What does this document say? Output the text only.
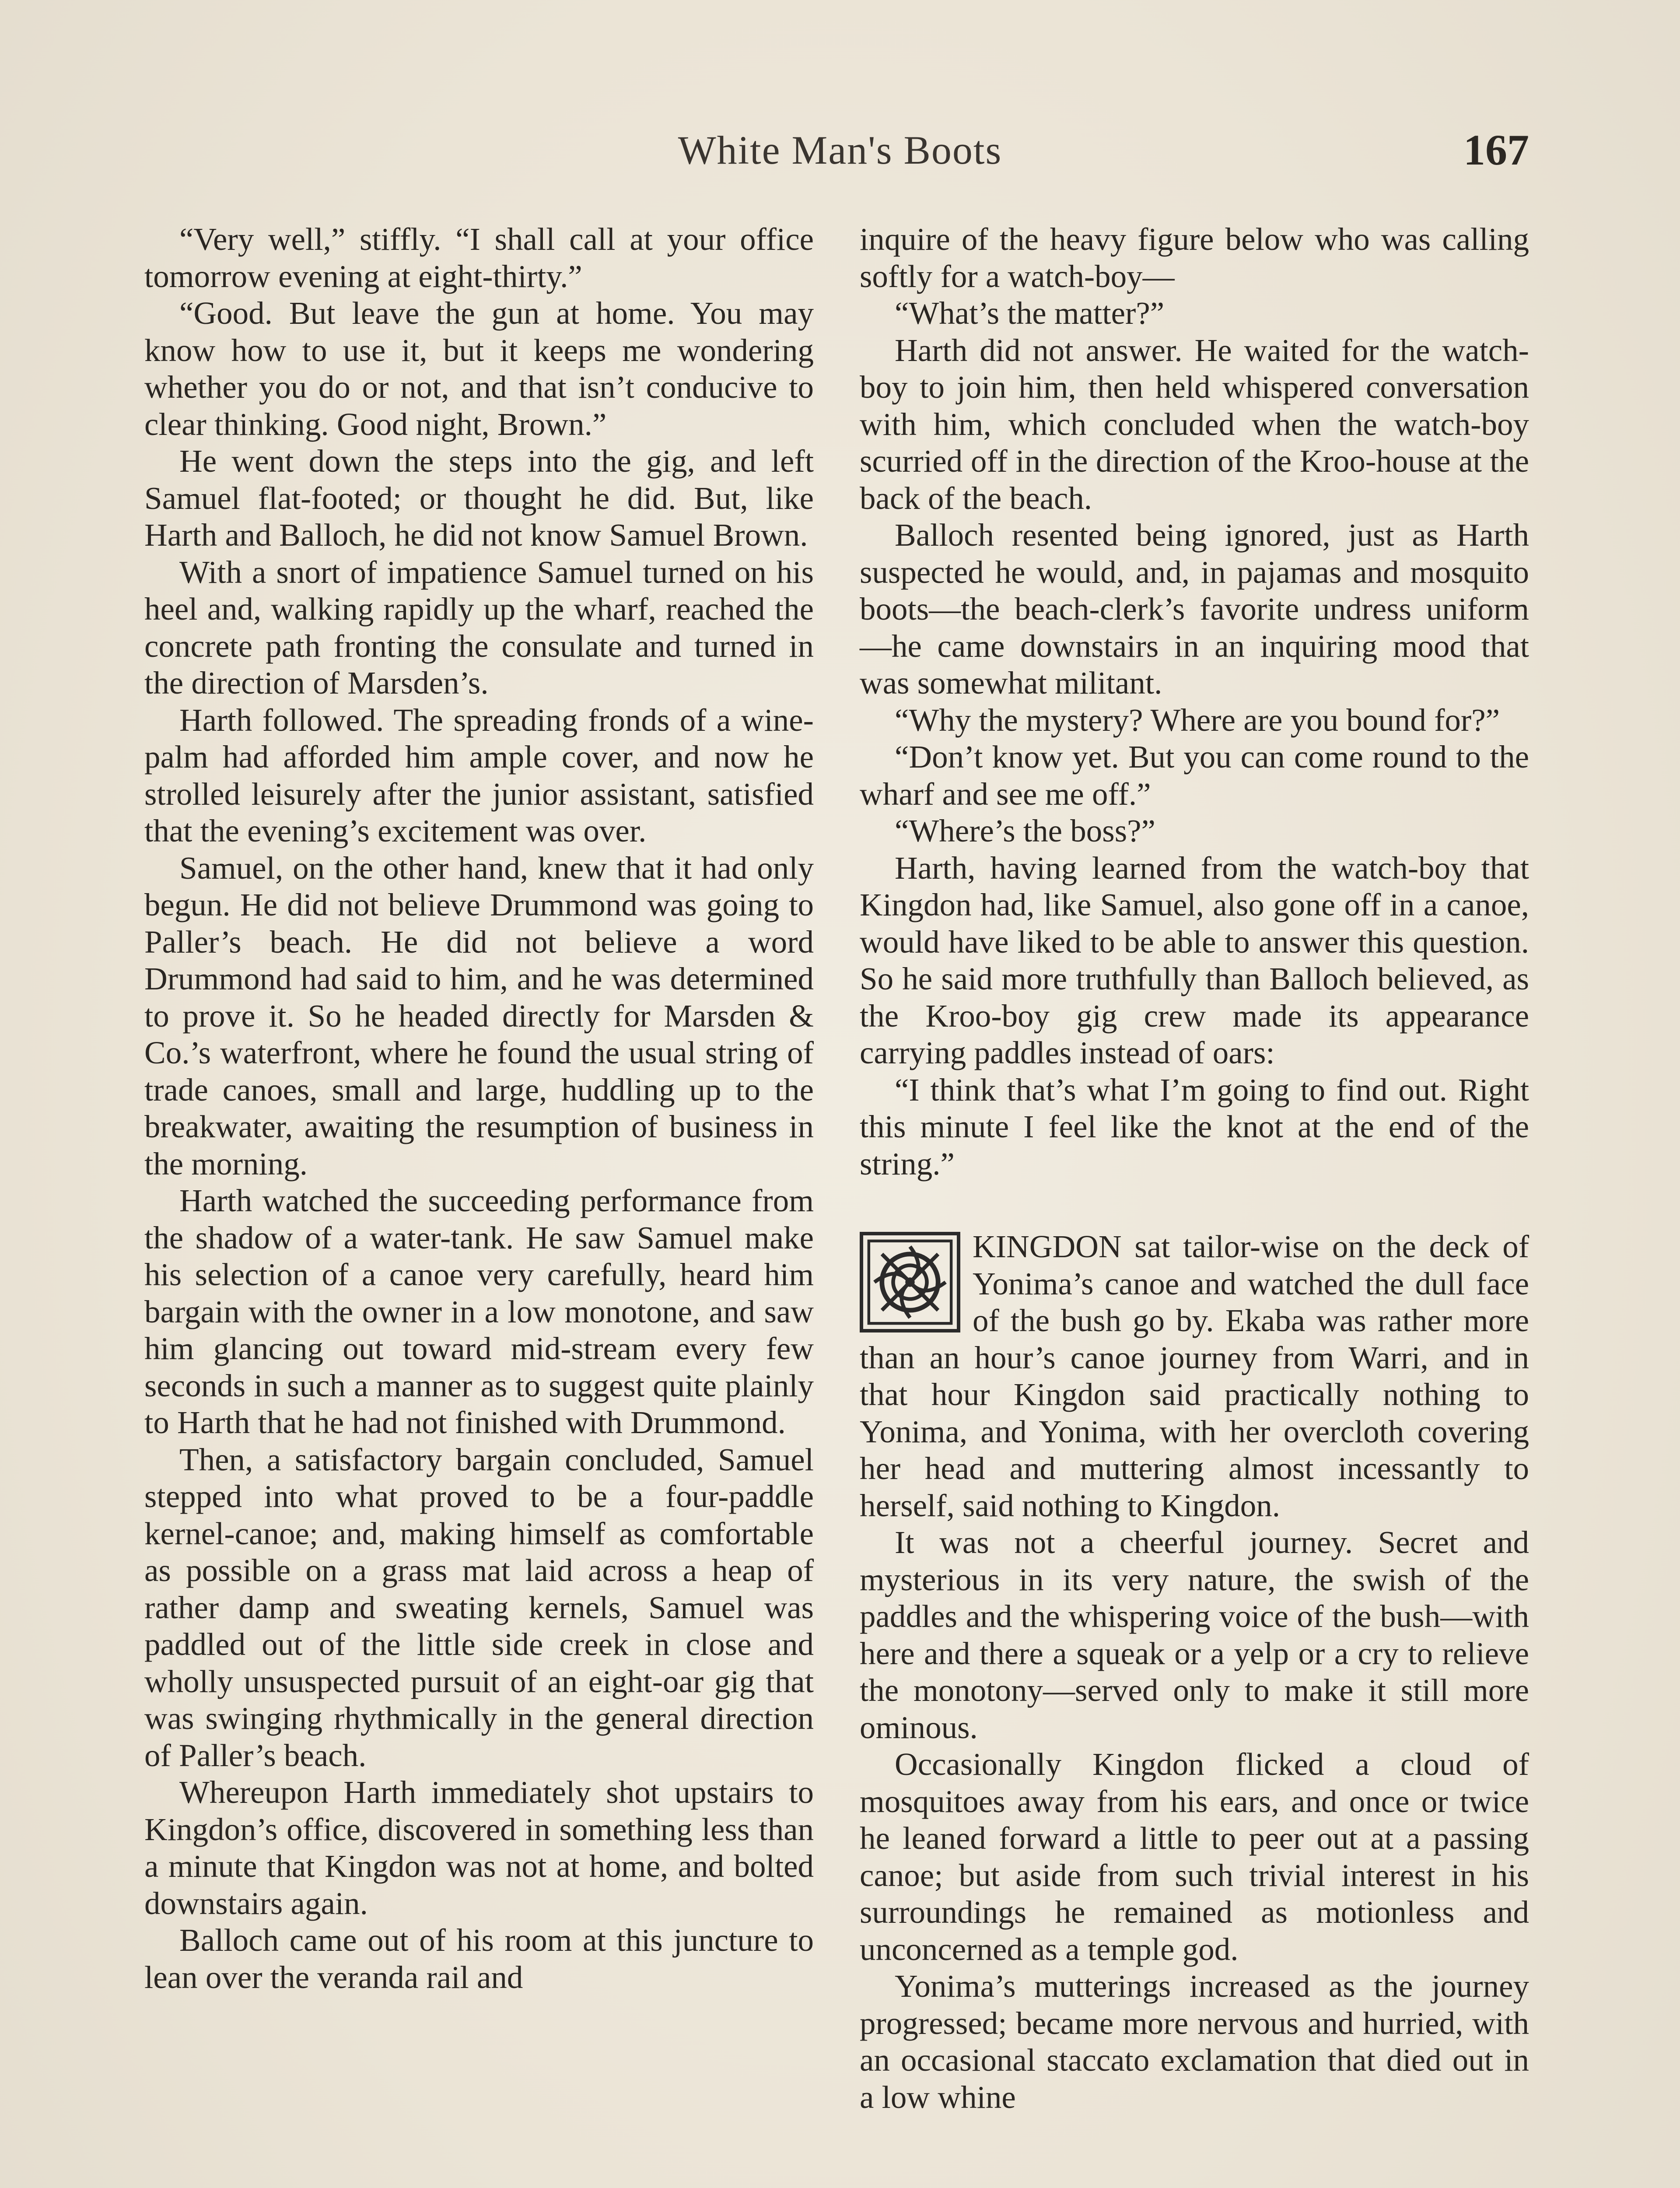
White Man's Boots	167

“Very well,” stiffly. “I shall call at your office tomorrow evening at eight-thirty.”

“Good. But leave the gun at home. You may know how to use it, but it keeps me wondering whether you do or not, and that isn’t conducive to clear thinking. Good night, Brown.”

He went down the steps into the gig, and left Samuel flat-footed; or thought he did. But, like Harth and Balloch, he did not know Samuel Brown.

With a snort of impatience Samuel turned on his heel and, walking rapidly up the wharf, reached the concrete path fronting the consulate and turned in the direction of Marsden’s.

Harth followed. The spreading fronds of a wine-palm had afforded him ample cover, and now he strolled leisurely after the junior assistant, satisfied that the evening’s excitement was over.

Samuel, on the other hand, knew that it had only begun. He did not believe Drummond was going to Paller’s beach. He did not believe a word Drummond had said to him, and he was determined to prove it. So he headed directly for Marsden & Co.’s waterfront, where he found the usual string of trade canoes, small and large, huddling up to the breakwater, awaiting the resumption of business in the morning.

Harth watched the succeeding performance from the shadow of a water-tank. He saw Samuel make his selection of a canoe very carefully, heard him bargain with the owner in a low monotone, and saw him glancing out toward mid-stream every few seconds in such a manner as to suggest quite plainly to Harth that he had not finished with Drummond.

Then, a satisfactory bargain concluded, Samuel stepped into what proved to be a four-paddle kernel-canoe; and, making himself as comfortable as possible on a grass mat laid across a heap of rather damp and sweating kernels, Samuel was paddled out of the little side creek in close and wholly unsuspected pursuit of an eight-oar gig that was swinging rhythmically in the general direction of Paller’s beach.

Whereupon Harth immediately shot upstairs to Kingdon’s office, discovered in something less than a minute that Kingdon was not at home, and bolted downstairs again.

Balloch came out of his room at this juncture to lean over the veranda rail and

inquire of the heavy figure below who was calling softly for a watch-boy—

“What’s the matter?”

Harth did not answer. He waited for the watch-boy to join him, then held whispered conversation with him, which concluded when the watch-boy scurried off in the direction of the Kroo-house at the back of the beach.

Balloch resented being ignored, just as Harth suspected he would, and, in pajamas and mosquito boots—the beach-clerk’s favorite undress uniform—he came downstairs in an inquiring mood that was somewhat militant.

“Why the mystery? Where are you bound for?”

“Don’t know yet. But you can come round to the wharf and see me off.”

“Where’s the boss?”

Harth, having learned from the watch-boy that Kingdon had, like Samuel, also gone off in a canoe, would have liked to be able to answer this question. So he said more truthfully than Balloch believed, as the Kroo-boy gig crew made its appearance carrying paddles instead of oars:

“I think that’s what I’m going to find out. Right this minute I feel like the knot at the end of the string.”

KINGDON sat tailor-wise on the deck of Yonima’s canoe and watched the dull face of the bush go by. Ekaba was rather more than an hour’s canoe journey from Warri, and in that hour Kingdon said practically nothing to Yonima, and Yonima, with her overcloth covering her head and muttering almost incessantly to herself, said nothing to Kingdon.

It was not a cheerful journey. Secret and mysterious in its very nature, the swish of the paddles and the whispering voice of the bush—with here and there a squeak or a yelp or a cry to relieve the monotony—served only to make it still more ominous.

Occasionally Kingdon flicked a cloud of mosquitoes away from his ears, and once or twice he leaned forward a little to peer out at a passing canoe; but aside from such trivial interest in his surroundings he remained as motionless and unconcerned as a temple god.

Yonima’s mutterings increased as the journey progressed; became more nervous and hurried, with an occasional staccato exclamation that died out in a low whine
